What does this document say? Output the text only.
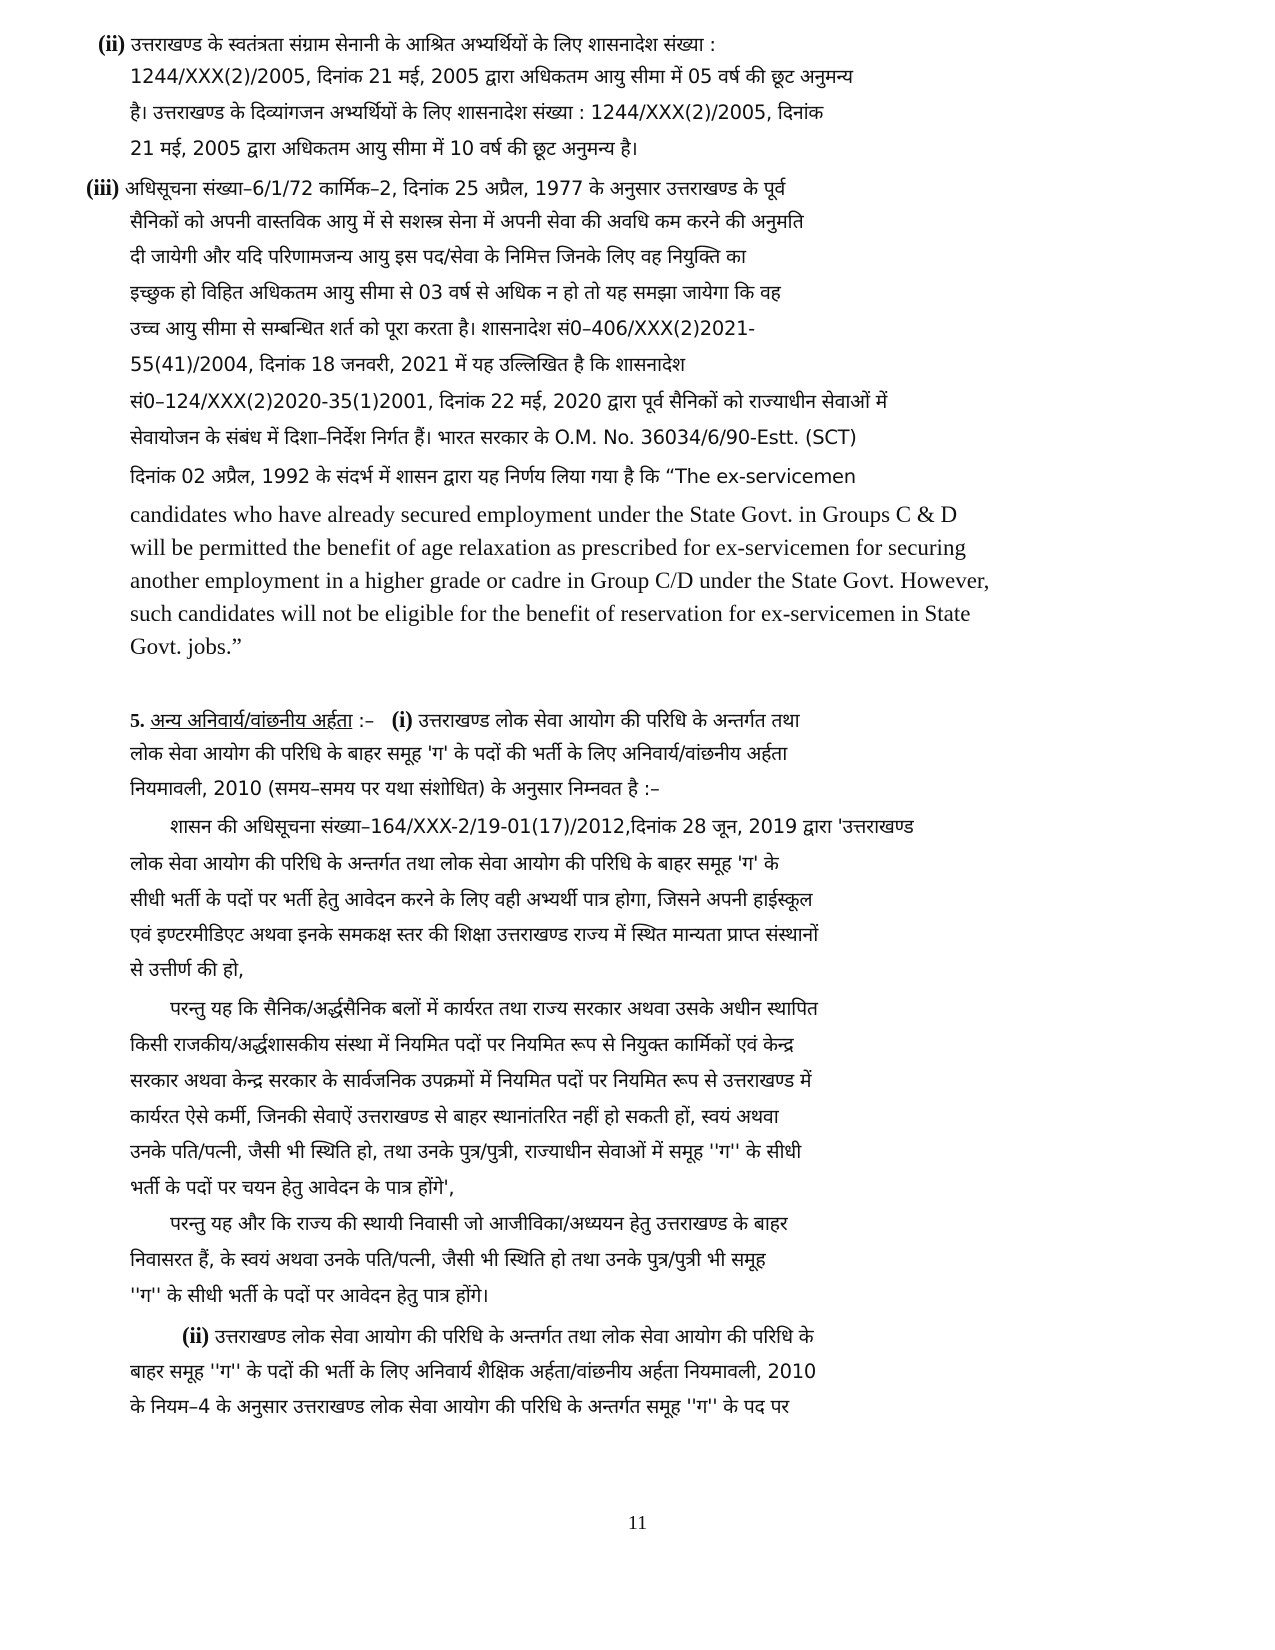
(ii) उत्तराखण्ड के स्वतंत्रता संग्राम सेनानी के आश्रित अभ्यर्थियों के लिए शासनादेश संख्या :
1244/XXX(2)/2005, दिनांक 21 मई, 2005 द्वारा अधिकतम आयु सीमा में 05 वर्ष की छूट अनुमन्य
है। उत्तराखण्ड के दिव्यांगजन अभ्यर्थियों के लिए शासनादेश संख्या : 1244/XXX(2)/2005, दिनांक
21 मई, 2005 द्वारा अधिकतम आयु सीमा में 10 वर्ष की छूट अनुमन्य है।
(iii) अधिसूचना संख्या–6/1/72 कार्मिक–2, दिनांक 25 अप्रैल, 1977 के अनुसार उत्तराखण्ड के पूर्व
सैनिकों को अपनी वास्तविक आयु में से सशस्त्र सेना में अपनी सेवा की अवधि कम करने की अनुमति
दी जायेगी और यदि परिणामजन्य आयु इस पद/सेवा के निमित्त जिनके लिए वह नियुक्ति का
इच्छुक हो विहित अधिकतम आयु सीमा से 03 वर्ष से अधिक न हो तो यह समझा जायेगा कि वह
उच्च आयु सीमा से सम्बन्धित शर्त को पूरा करता है। शासनादेश सं0–406/XXX(2)2021-
55(41)/2004, दिनांक 18 जनवरी, 2021 में यह उल्लिखित है कि शासनादेश
सं0–124/XXX(2)2020-35(1)2001, दिनांक 22 मई, 2020 द्वारा पूर्व सैनिकों को राज्याधीन सेवाओं में
सेवायोजन के संबंध में दिशा–निर्देश निर्गत हैं। भारत सरकार के O.M. No. 36034/6/90-Estt. (SCT)
दिनांक 02 अप्रैल, 1992 के संदर्भ में शासन द्वारा यह निर्णय लिया गया है कि “The ex-servicemen
candidates who have already secured employment under the State Govt. in Groups C & D
will be permitted the benefit of age relaxation as prescribed for ex-servicemen for securing
another employment in a higher grade or cadre in Group C/D under the State Govt. However,
such candidates will not be eligible for the benefit of reservation for ex-servicemen in State
Govt. jobs.”
5. अन्य अनिवार्य/वांछनीय अर्हता :– (i) उत्तराखण्ड लोक सेवा आयोग की परिधि के अन्तर्गत तथा
लोक सेवा आयोग की परिधि के बाहर समूह 'ग' के पदों की भर्ती के लिए अनिवार्य/वांछनीय अर्हता
नियमावली, 2010 (समय–समय पर यथा संशोधित) के अनुसार निम्नवत है :–
शासन की अधिसूचना संख्या–164/XXX-2/19-01(17)/2012,दिनांक 28 जून, 2019 द्वारा 'उत्तराखण्ड
लोक सेवा आयोग की परिधि के अन्तर्गत तथा लोक सेवा आयोग की परिधि के बाहर समूह 'ग' के
सीधी भर्ती के पदों पर भर्ती हेतु आवेदन करने के लिए वही अभ्यर्थी पात्र होगा, जिसने अपनी हाईस्कूल
एवं इण्टरमीडिएट अथवा इनके समकक्ष स्तर की शिक्षा उत्तराखण्ड राज्य में स्थित मान्यता प्राप्त संस्थानों
से उत्तीर्ण की हो,
परन्तु यह कि सैनिक/अर्द्धसैनिक बलों में कार्यरत तथा राज्य सरकार अथवा उसके अधीन स्थापित
किसी राजकीय/अर्द्धशासकीय संस्था में नियमित पदों पर नियमित रूप से नियुक्त कार्मिकों एवं केन्द्र
सरकार अथवा केन्द्र सरकार के सार्वजनिक उपक्रमों में नियमित पदों पर नियमित रूप से उत्तराखण्ड में
कार्यरत ऐसे कर्मी, जिनकी सेवाऐं उत्तराखण्ड से बाहर स्थानांतरित नहीं हो सकती हों, स्वयं अथवा
उनके पति/पत्नी, जैसी भी स्थिति हो, तथा उनके पुत्र/पुत्री, राज्याधीन सेवाओं में समूह ''ग'' के सीधी
भर्ती के पदों पर चयन हेतु आवेदन के पात्र होंगे',
परन्तु यह और कि राज्य की स्थायी निवासी जो आजीविका/अध्ययन हेतु उत्तराखण्ड के बाहर
निवासरत हैं, के स्वयं अथवा उनके पति/पत्नी, जैसी भी स्थिति हो तथा उनके पुत्र/पुत्री भी समूह
''ग'' के सीधी भर्ती के पदों पर आवेदन हेतु पात्र होंगे।
(ii) उत्तराखण्ड लोक सेवा आयोग की परिधि के अन्तर्गत तथा लोक सेवा आयोग की परिधि के
बाहर समूह ''ग'' के पदों की भर्ती के लिए अनिवार्य शैक्षिक अर्हता/वांछनीय अर्हता नियमावली, 2010
के नियम–4 के अनुसार उत्तराखण्ड लोक सेवा आयोग की परिधि के अन्तर्गत समूह ''ग'' के पद पर
11
